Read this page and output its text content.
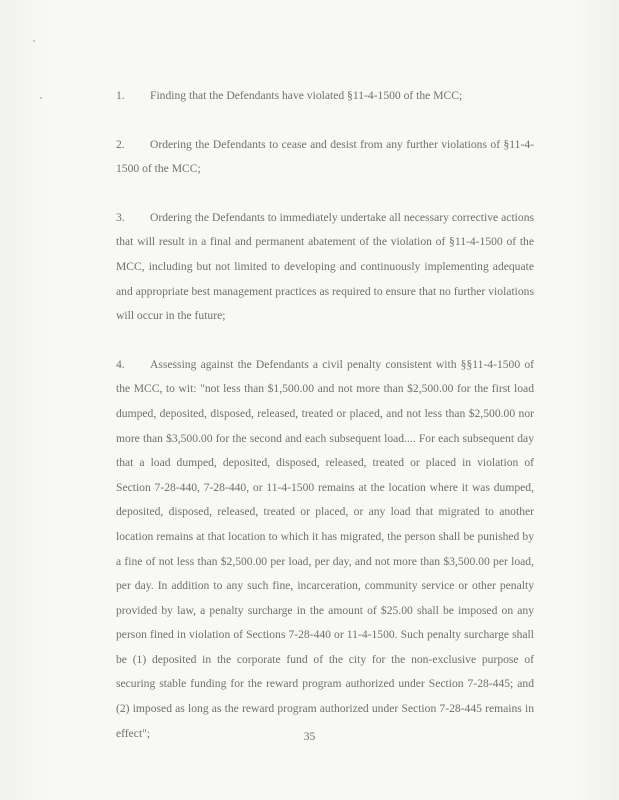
1. Finding that the Defendants have violated §11-4-1500 of the MCC;

2. Ordering the Defendants to cease and desist from any further violations of §11-4-1500 of the MCC;

3. Ordering the Defendants to immediately undertake all necessary corrective actions that will result in a final and permanent abatement of the violation of §11-4-1500 of the MCC, including but not limited to developing and continuously implementing adequate and appropriate best management practices as required to ensure that no further violations will occur in the future;

4. Assessing against the Defendants a civil penalty consistent with §§11-4-1500 of the MCC, to wit: "not less than $1,500.00 and not more than $2,500.00 for the first load dumped, deposited, disposed, released, treated or placed, and not less than $2,500.00 nor more than $3,500.00 for the second and each subsequent load.... For each subsequent day that a load dumped, deposited, disposed, released, treated or placed in violation of Section 7-28-440, 7-28-440, or 11-4-1500 remains at the location where it was dumped, deposited, disposed, released, treated or placed, or any load that migrated to another location remains at that location to which it has migrated, the person shall be punished by a fine of not less than $2,500.00 per load, per day, and not more than $3,500.00 per load, per day. In addition to any such fine, incarceration, community service or other penalty provided by law, a penalty surcharge in the amount of $25.00 shall be imposed on any person fined in violation of Sections 7-28-440 or 11-4-1500. Such penalty surcharge shall be (1) deposited in the corporate fund of the city for the non-exclusive purpose of securing stable funding for the reward program authorized under Section 7-28-445; and (2) imposed as long as the reward program authorized under Section 7-28-445 remains in effect";	35
